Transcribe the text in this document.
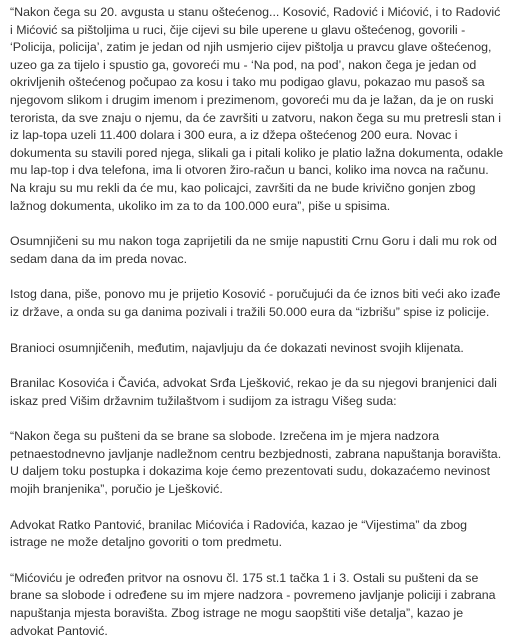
“Nakon čega su 20. avgusta u stanu oštećenog... Kosović, Radović i Mićović, i to Radović i Mićović sa pištoljima u ruci, čije cijevi su bile uperene u glavu oštećenog, govorili - ‘Policija, policija’, zatim je jedan od njih usmjerio cijev pištolja u pravcu glave oštećenog, uzeo ga za tijelo i spustio ga, govoreći mu - ‘Na pod, na pod’, nakon čega je jedan od okrivljenih oštećenog počupao za kosu i tako mu podigao glavu, pokazao mu pasoš sa njegovom slikom i drugim imenom i prezimenom, govoreći mu da je lažan, da je on ruski terorista, da sve znaju o njemu, da će završiti u zatvoru, nakon čega su mu pretresli stan i iz lap-topa uzeli 11.400 dolara i 300 eura, a iz džepa oštećenog 200 eura. Novac i dokumenta su stavili pored njega, slikali ga i pitali koliko je platio lažna dokumenta, odakle mu lap-top i dva telefona, ima li otvoren žiro-račun u banci, koliko ima novca na računu. Na kraju su mu rekli da će mu, kao policajci, završiti da ne bude krivično gonjen zbog lažnog dokumenta, ukoliko im za to da 100.000 eura”, piše u spisima.

Osumnjičeni su mu nakon toga zaprijetili da ne smije napustiti Crnu Goru i dali mu rok od sedam dana da im preda novac.

Istog dana, piše, ponovo mu je prijetio Kosović - poručujući da će iznos biti veći ako izađe iz države, a onda su ga danima pozivali i tražili 50.000 eura da “izbrišu” spise iz policije.

Branioci osumnjičenih, međutim, najavljuju da će dokazati nevinost svojih klijenata.

Branilac Kosovića i Čavića, advokat Srđa Lješković, rekao je da su njegovi branjenici dali iskaz pred Višim državnim tužilaštvom i sudijom za istragu Višeg suda:

“Nakon čega su pušteni da se brane sa slobode. Izrečena im je mjera nadzora petnaestodnevno javljanje nadležnom centru bezbjednosti, zabrana napuštanja boravišta. U daljem toku postupka i dokazima koje ćemo prezentovati sudu, dokazaćemo nevinost mojih branjenika”, poručio je Lješković.

Advokat Ratko Pantović, branilac Mićovića i Radovića, kazao je “Vijestima” da zbog istrage ne može detaljno govoriti o tom predmetu.

“Mićoviću je određen pritvor na osnovu čl. 175 st.1 tačka 1 i 3. Ostali su pušteni da se brane sa slobode i određene su im mjere nadzora - povremeno javljanje policiji i zabrana napuštanja mjesta boravišta. Zbog istrage ne mogu saopštiti više detalja”, kazao je advokat Pantović.
